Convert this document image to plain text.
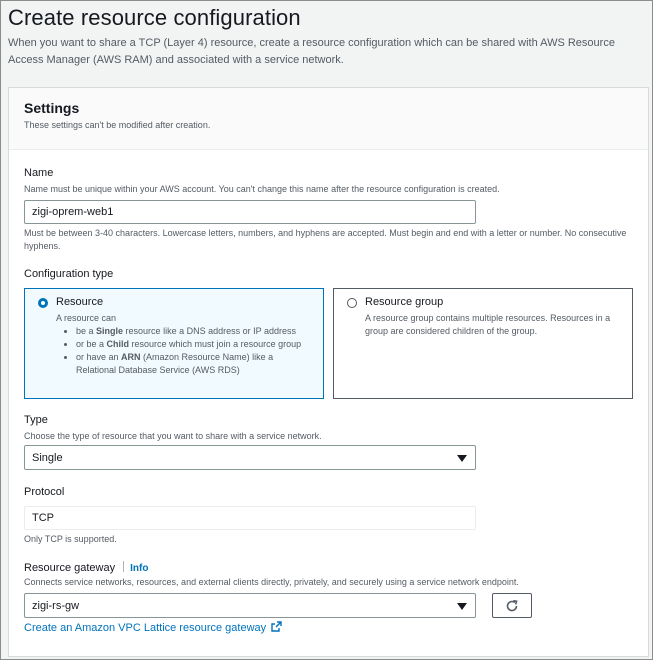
Create resource configuration

When you want to share a TCP (Layer 4) resource, create a resource configuration which can be shared with AWS Resource Access Manager (AWS RAM) and associated with a service network.

Settings
These settings can't be modified after creation.
Name
Name must be unique within your AWS account. You can't change this name after the resource configuration is created.
zigi-oprem-web1
Must be between 3-40 characters. Lowercase letters, numbers, and hyphens are accepted. Must begin and end with a letter or number. No consecutive hyphens.
Configuration type
Resource
A resource can
• be a Single resource like a DNS address or IP address
• or be a Child resource which must join a resource group
• or have an ARN (Amazon Resource Name) like a Relational Database Service (AWS RDS)
Resource group
A resource group contains multiple resources. Resources in a group are considered children of the group.
Type
Choose the type of resource that you want to share with a service network.
Single
Protocol
TCP
Only TCP is supported.
Resource gateway Info
Connects service networks, resources, and external clients directly, privately, and securely using a service network endpoint.
zigi-rs-gw
Create an Amazon VPC Lattice resource gateway
